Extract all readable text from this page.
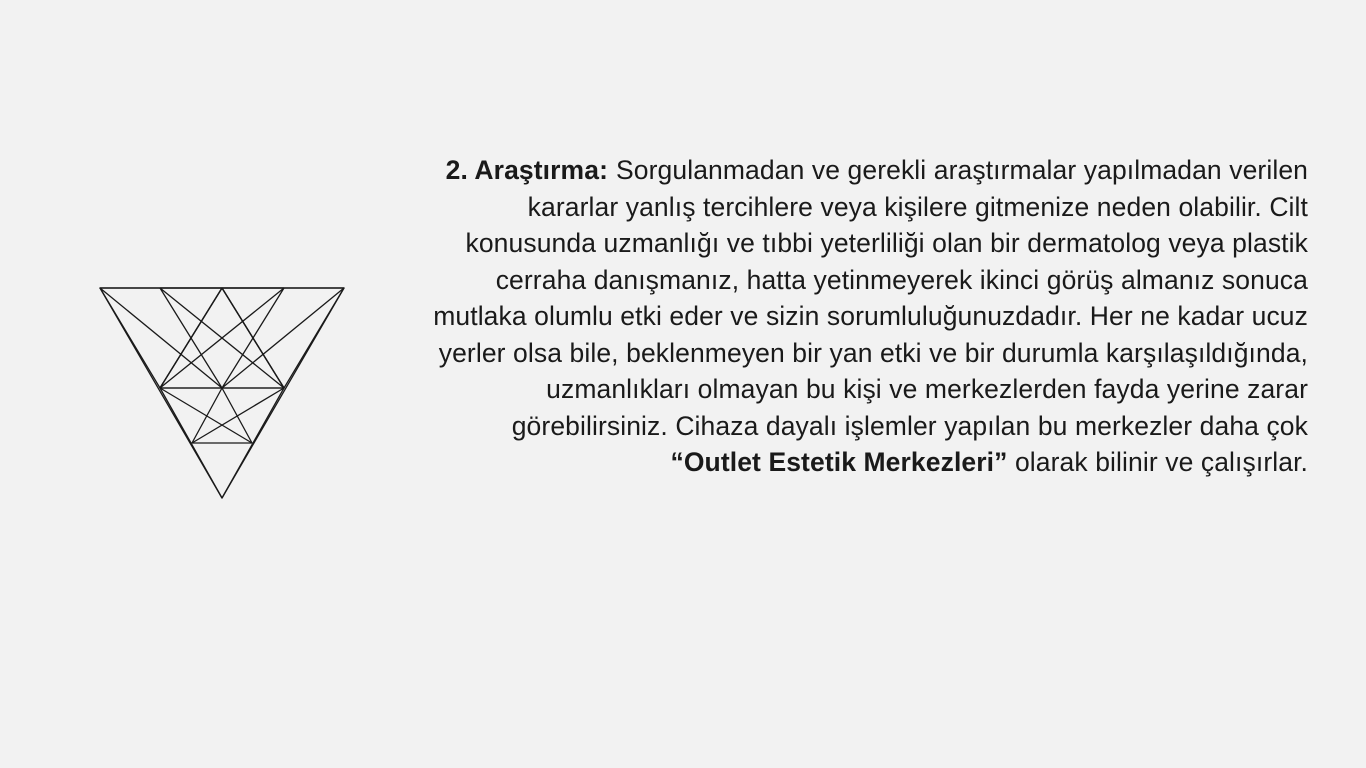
2. Araştırma: Sorgulanmadan ve gerekli araştırmalar yapılmadan verilen kararlar yanlış tercihlere veya kişilere gitmenize neden olabilir. Cilt konusunda uzmanlığı ve tıbbi yeterliliği olan bir dermatolog veya plastik cerraha danışmanız, hatta yetinmeyerek ikinci görüş almanız sonuca mutlaka olumlu etki eder ve sizin sorumluluğunuzdadır. Her ne kadar ucuz yerler olsa bile, beklenmeyen bir yan etki ve bir durumla karşılaşıldığında, uzmanlıkları olmayan bu kişi ve merkezlerden fayda yerine zarar görebilirsiniz. Cihaza dayalı işlemler yapılan bu merkezler daha çok “Outlet Estetik Merkezleri” olarak bilinir ve çalışırlar.
